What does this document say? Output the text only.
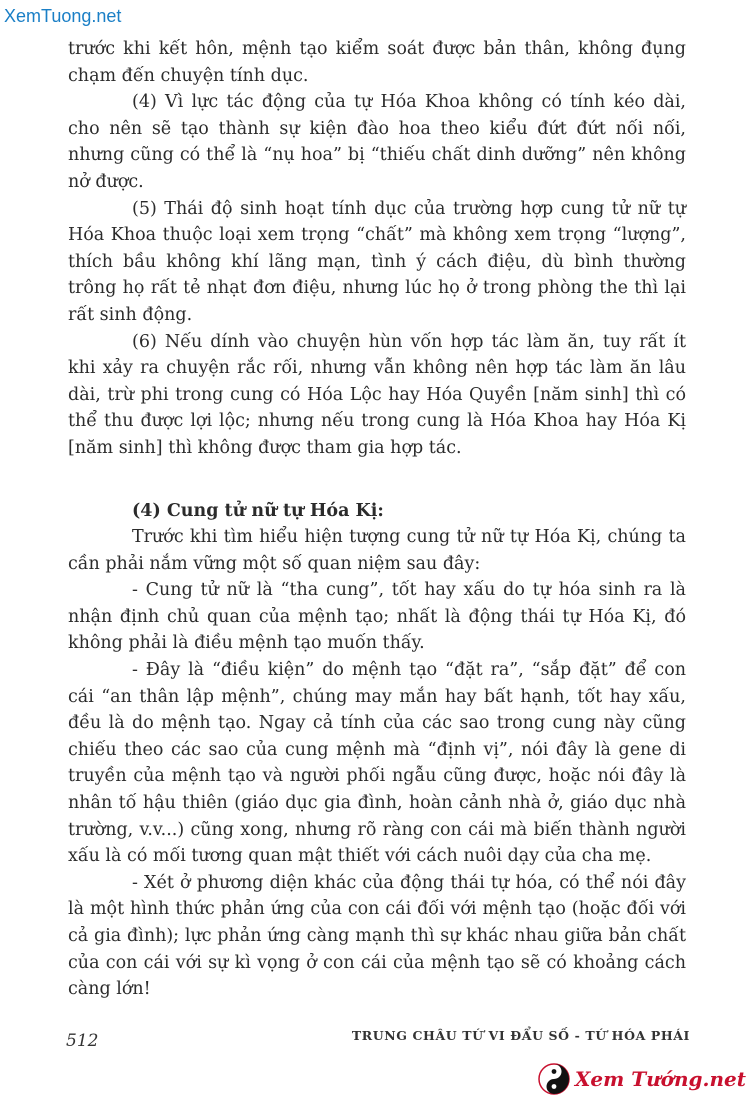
XemTuong.net

trước khi kết hôn, mệnh tạo kiểm soát được bản thân, không đụng chạm đến chuyện tính dục.

(4) Vì lực tác động của tự Hóa Khoa không có tính kéo dài, cho nên sẽ tạo thành sự kiện đào hoa theo kiểu đứt đứt nối nối, nhưng cũng có thể là “nụ hoa” bị “thiếu chất dinh dưỡng” nên không nở được.

(5) Thái độ sinh hoạt tính dục của trường hợp cung tử nữ tự Hóa Khoa thuộc loại xem trọng “chất” mà không xem trọng “lượng”, thích bầu không khí lãng mạn, tình ý cách điệu, dù bình thường trông họ rất tẻ nhạt đơn điệu, nhưng lúc họ ở trong phòng the thì lại rất sinh động.

(6) Nếu dính vào chuyện hùn vốn hợp tác làm ăn, tuy rất ít khi xảy ra chuyện rắc rối, nhưng vẫn không nên hợp tác làm ăn lâu dài, trừ phi trong cung có Hóa Lộc hay Hóa Quyền [năm sinh] thì có thể thu được lợi lộc; nhưng nếu trong cung là Hóa Khoa hay Hóa Kị [năm sinh] thì không được tham gia hợp tác.

(4) Cung tử nữ tự Hóa Kị:

Trước khi tìm hiểu hiện tượng cung tử nữ tự Hóa Kị, chúng ta cần phải nắm vững một số quan niệm sau đây:

- Cung tử nữ là “tha cung”, tốt hay xấu do tự hóa sinh ra là nhận định chủ quan của mệnh tạo; nhất là động thái tự Hóa Kị, đó không phải là điều mệnh tạo muốn thấy.

- Đây là “điều kiện” do mệnh tạo “đặt ra”, “sắp đặt” để con cái “an thân lập mệnh”, chúng may mắn hay bất hạnh, tốt hay xấu, đều là do mệnh tạo. Ngay cả tính của các sao trong cung này cũng chiếu theo các sao của cung mệnh mà “định vị”, nói đây là gene di truyền của mệnh tạo và người phối ngẫu cũng được, hoặc nói đây là nhân tố hậu thiên (giáo dục gia đình, hoàn cảnh nhà ở, giáo dục nhà trường, v.v...) cũng xong, nhưng rõ ràng con cái mà biến thành người xấu là có mối tương quan mật thiết với cách nuôi dạy của cha mẹ.

- Xét ở phương diện khác của động thái tự hóa, có thể nói đây là một hình thức phản ứng của con cái đối với mệnh tạo (hoặc đối với cả gia đình); lực phản ứng càng mạnh thì sự khác nhau giữa bản chất của con cái với sự kì vọng ở con cái của mệnh tạo sẽ có khoảng cách càng lớn!

512	TRUNG CHÂU TỨ VI ĐẨU SỐ - TỨ HÓA PHÁI
Xem Tướng.net
